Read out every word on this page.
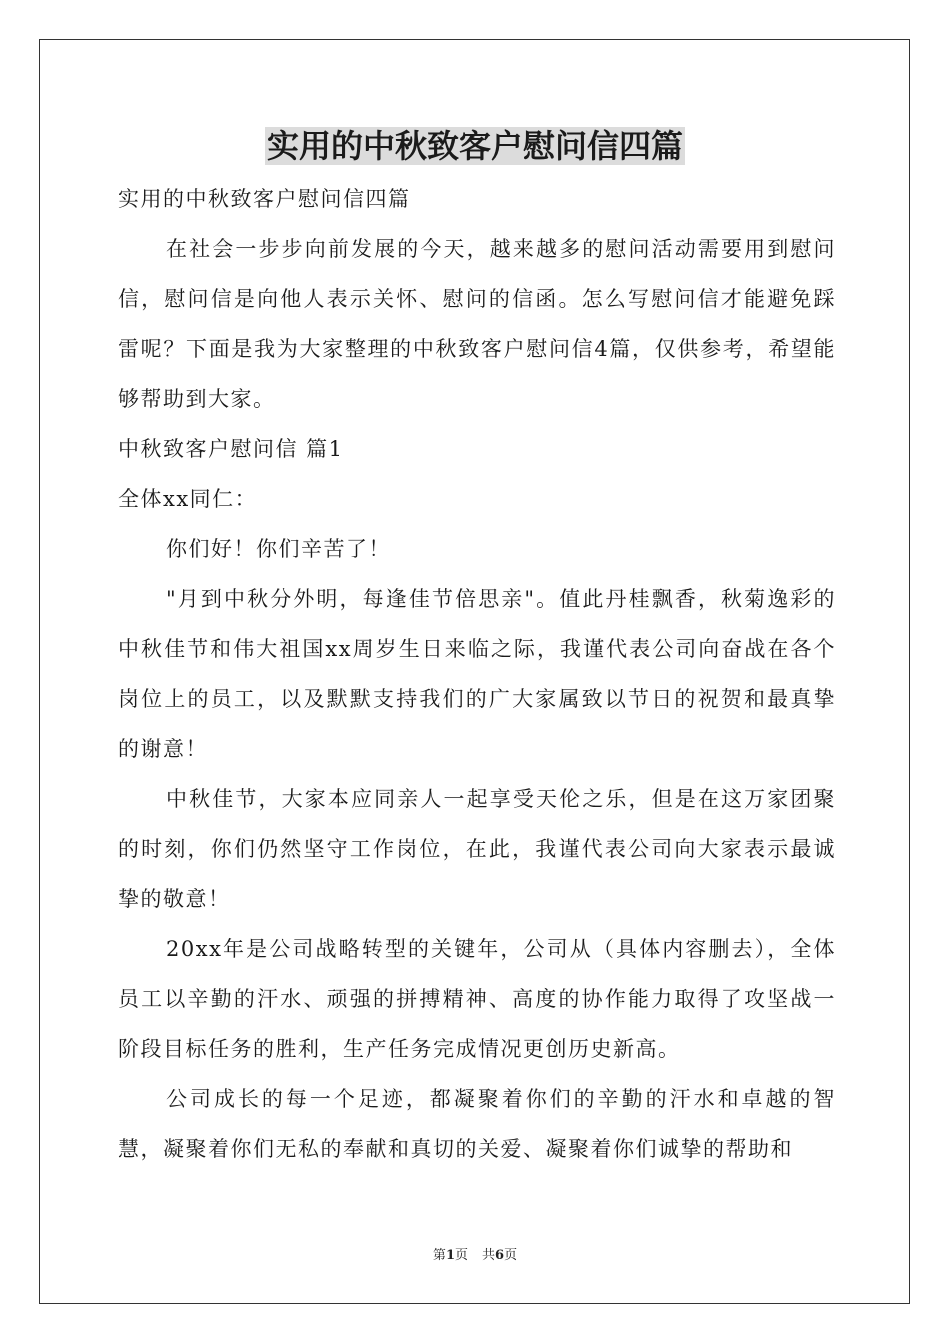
实用的中秋致客户慰问信四篇

实用的中秋致客户慰问信四篇

在社会一步步向前发展的今天，越来越多的慰问活动需要用到慰问信，慰问信是向他人表示关怀、慰问的信函。怎么写慰问信才能避免踩雷呢？下面是我为大家整理的中秋致客户慰问信4篇，仅供参考，希望能够帮助到大家。

中秋致客户慰问信 篇1

全体xx同仁：

你们好！你们辛苦了！

"月到中秋分外明，每逢佳节倍思亲"。值此丹桂飘香，秋菊逸彩的中秋佳节和伟大祖国xx周岁生日来临之际，我谨代表公司向奋战在各个岗位上的员工，以及默默支持我们的广大家属致以节日的祝贺和最真挚的谢意！

中秋佳节，大家本应同亲人一起享受天伦之乐，但是在这万家团聚的时刻，你们仍然坚守工作岗位，在此，我谨代表公司向大家表示最诚挚的敬意！

20xx年是公司战略转型的关键年，公司从（具体内容删去），全体员工以辛勤的汗水、顽强的拼搏精神、高度的协作能力取得了攻坚战一阶段目标任务的胜利，生产任务完成情况更创历史新高。

公司成长的每一个足迹，都凝聚着你们的辛勤的汗水和卓越的智慧，凝聚着你们无私的奉献和真切的关爱、凝聚着你们诚挚的帮助和

第1页 共6页
